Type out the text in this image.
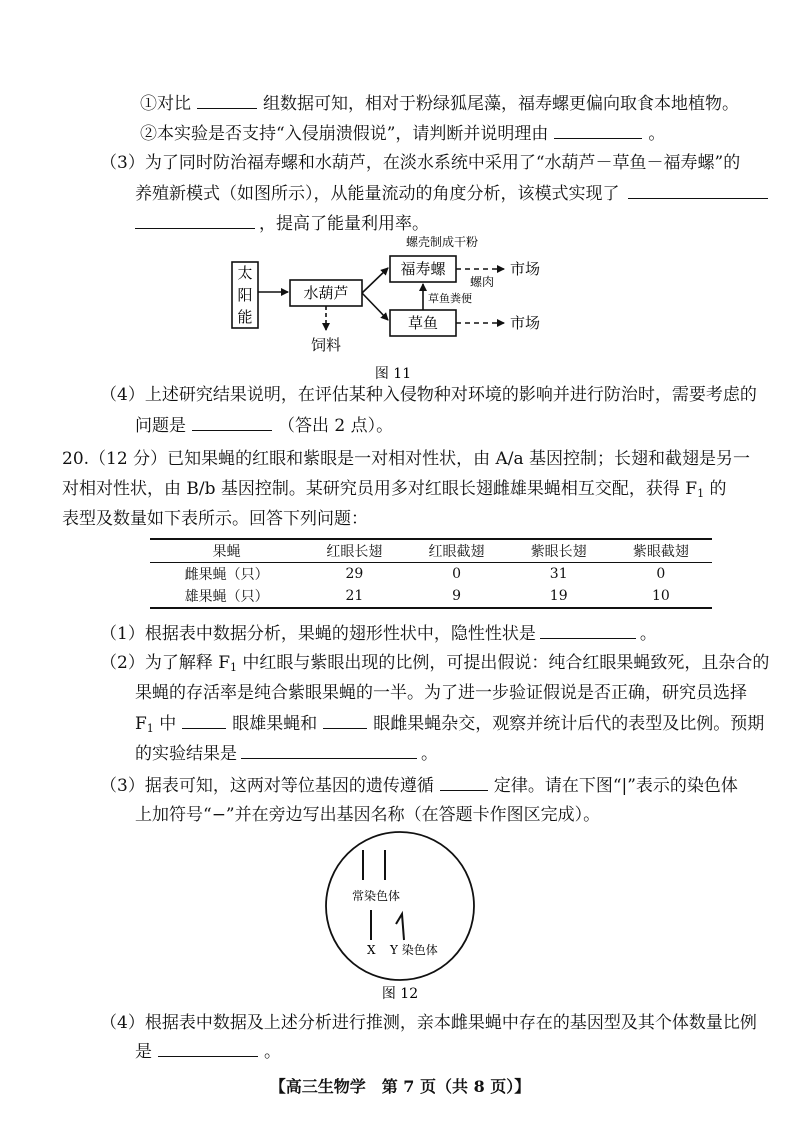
①对比	组数据可知，相对于粉绿狐尾藻，福寿螺更偏向取食本地植物。
②本实验是否支持“入侵崩溃假说”，请判断并说明理由	。
（3）为了同时防治福寿螺和水葫芦，在淡水系统中采用了“水葫芦－草鱼－福寿螺”的
养殖新模式（如图所示），从能量流动的角度分析，该模式实现了
，提高了能量利用率。
太
阳
能
水葫芦
福寿螺
草鱼
螺壳制成干粉
市场
螺肉
草鱼粪便
市场
饲料
图 11
（4）上述研究结果说明，在评估某种入侵物种对环境的影响并进行防治时，需要考虑的
问题是	（答出 2 点）。
20.（12 分）已知果蝇的红眼和紫眼是一对相对性状，由 A/a 基因控制；长翅和截翅是另一
对相对性状，由 B/b 基因控制。某研究员用多对红眼长翅雌雄果蝇相互交配，获得 $F_1$ 的
表型及数量如下表所示。回答下列问题：
果蝇	红眼长翅	红眼截翅	紫眼长翅	紫眼截翅
雌果蝇（只）	29	0	31	0
雄果蝇（只）	21	9	19	10
（1）根据表中数据分析，果蝇的翅形性状中，隐性性状是	。
（2）为了解释 $F_1$ 中红眼与紫眼出现的比例，可提出假说：纯合红眼果蝇致死，且杂合的
果蝇的存活率是纯合紫眼果蝇的一半。为了进一步验证假说是否正确，研究员选择
$F_1$ 中	眼雄果蝇和	眼雌果蝇杂交，观察并统计后代的表型及比例。预期
的实验结果是	。
（3）据表可知，这两对等位基因的遗传遵循	定律。请在下图“|”表示的染色体
上加符号“−”并在旁边写出基因名称（在答题卡作图区完成）。
常染色体
X Y 染色体
图 12
（4）根据表中数据及上述分析进行推测，亲本雌果蝇中存在的基因型及其个体数量比例
是	。
【高三生物学　第 7 页（共 8 页）】
